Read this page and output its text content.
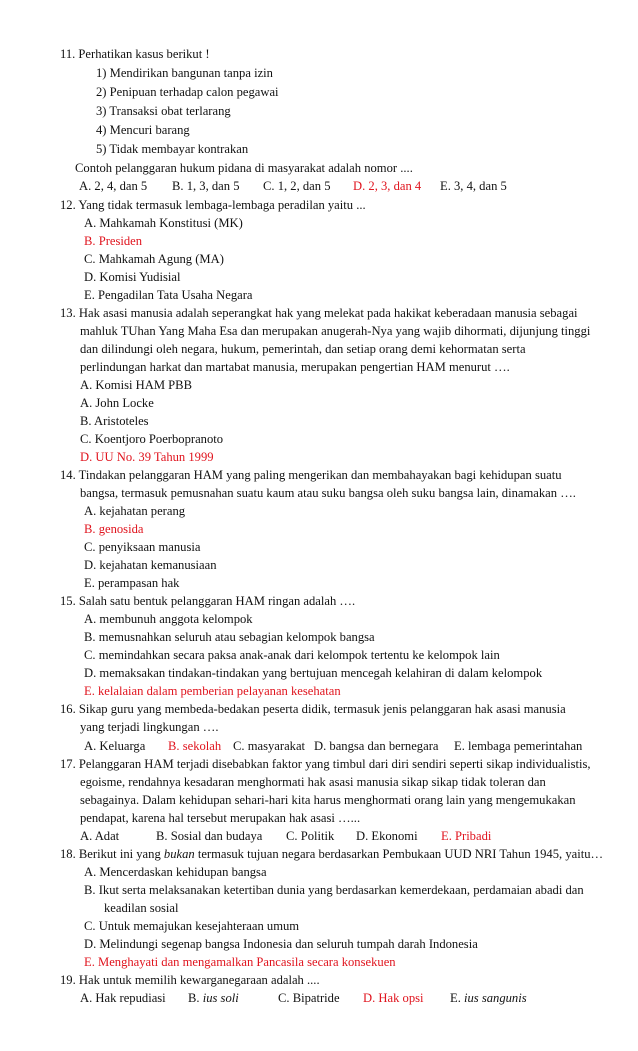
11. Perhatikan kasus berikut !
1) Mendirikan bangunan tanpa izin
2) Penipuan terhadap calon pegawai
3) Transaksi obat terlarang
4) Mencuri barang
5) Tidak membayar kontrakan
Contoh pelanggaran hukum pidana di masyarakat adalah nomor ....
A. 2, 4, dan 5 B. 1, 3, dan 5 C. 1, 2, dan 5 D. 2, 3, dan 4 E. 3, 4, dan 5
12. Yang tidak termasuk lembaga-lembaga peradilan yaitu ...
A. Mahkamah Konstitusi (MK)
B. Presiden
C. Mahkamah Agung (MA)
D. Komisi Yudisial
E. Pengadilan Tata Usaha Negara
13. Hak asasi manusia adalah seperangkat hak yang melekat pada hakikat keberadaan manusia sebagai
mahluk TUhan Yang Maha Esa dan merupakan anugerah-Nya yang wajib dihormati, dijunjung tinggi
dan dilindungi oleh negara, hukum, pemerintah, dan setiap orang demi kehormatan serta
perlindungan harkat dan martabat manusia, merupakan pengertian HAM menurut ….
A. Komisi HAM PBB
A. John Locke
B. Aristoteles
C. Koentjoro Poerbopranoto
D. UU No. 39 Tahun 1999
14. Tindakan pelanggaran HAM yang paling mengerikan dan membahayakan bagi kehidupan suatu
bangsa, termasuk pemusnahan suatu kaum atau suku bangsa oleh suku bangsa lain, dinamakan ….
A. kejahatan perang
B. genosida
C. penyiksaan manusia
D. kejahatan kemanusiaan
E. perampasan hak
15. Salah satu bentuk pelanggaran HAM ringan adalah ….
A. membunuh anggota kelompok
B. memusnahkan seluruh atau sebagian kelompok bangsa
C. memindahkan secara paksa anak-anak dari kelompok tertentu ke kelompok lain
D. memaksakan tindakan-tindakan yang bertujuan mencegah kelahiran di dalam kelompok
E. kelalaian dalam pemberian pelayanan kesehatan
16. Sikap guru yang membeda-bedakan peserta didik, termasuk jenis pelanggaran hak asasi manusia
yang terjadi lingkungan ….
A. Keluarga B. sekolah C. masyarakat D. bangsa dan bernegara E. lembaga pemerintahan
17. Pelanggaran HAM terjadi disebabkan faktor yang timbul dari diri sendiri seperti sikap individualistis,
egoisme, rendahnya kesadaran menghormati hak asasi manusia sikap sikap tidak toleran dan
sebagainya. Dalam kehidupan sehari-hari kita harus menghormati orang lain yang mengemukakan
pendapat, karena hal tersebut merupakan hak asasi …...
A. Adat	B. Sosial dan budaya C. Politik D. Ekonomi E. Pribadi
18. Berikut ini yang bukan termasuk tujuan negara berdasarkan Pembukaan UUD NRI Tahun 1945, yaitu…
A. Mencerdaskan kehidupan bangsa
B. Ikut serta melaksanakan ketertiban dunia yang berdasarkan kemerdekaan, perdamaian abadi dan
keadilan sosial
C. Untuk memajukan kesejahteraan umum
D. Melindungi segenap bangsa Indonesia dan seluruh tumpah darah Indonesia
E. Menghayati dan mengamalkan Pancasila secara konsekuen
19. Hak untuk memilih kewarganegaraan adalah ....
A. Hak repudiasi B. ius soli	C. Bipatride D. Hak opsi E. ius sangunis
